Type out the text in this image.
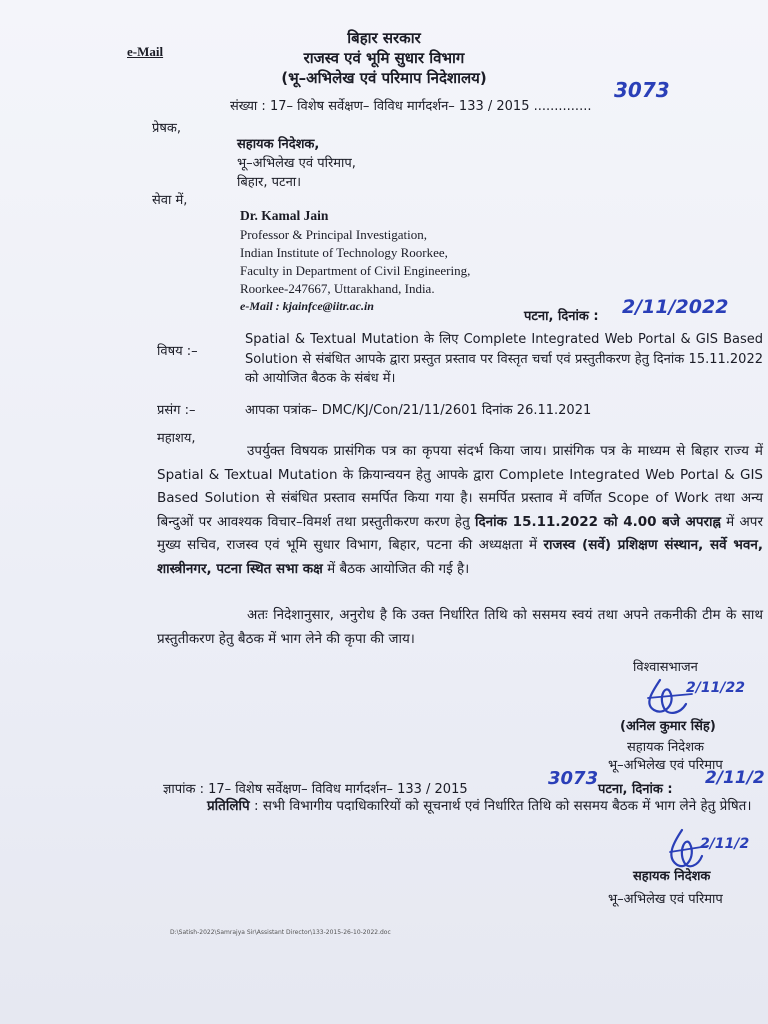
e-Mail
बिहार सरकार
राजस्व एवं भूमि सुधार विभाग
(भू–अभिलेख एवं परिमाप निदेशालय)
संख्या : 17– विशेष सर्वेक्षण– विविध मार्गदर्शन– 133 / 2015 ..............
3073
प्रेषक,
सहायक निदेशक,
भू–अभिलेख एवं परिमाप,
बिहार, पटना।
सेवा में,
Dr. Kamal Jain
Professor & Principal Investigation,
Indian Institute of Technology Roorkee,
Faculty in Department of Civil Engineering,
Roorkee-247667, Uttarakhand, India.
e-Mail : kjainfce@iitr.ac.in
पटना, दिनांक : 2/11/2022
विषय :–
Spatial & Textual Mutation के लिए Complete Integrated Web Portal & GIS Based Solution से संबंधित आपके द्वारा प्रस्तुत प्रस्ताव पर विस्तृत चर्चा एवं प्रस्तुतीकरण हेतु दिनांक 15.11.2022 को आयोजित बैठक के संबंध में।
प्रसंग :–	आपका पत्रांक– DMC/KJ/Con/21/11/2601 दिनांक 26.11.2021
महाशय,

उपर्युक्त विषयक प्रासंगिक पत्र का कृपया संदर्भ किया जाय। प्रासंगिक पत्र के माध्यम से बिहार राज्य में Spatial & Textual Mutation के क्रियान्वयन हेतु आपके द्वारा Complete Integrated Web Portal & GIS Based Solution से संबंधित प्रस्ताव समर्पित किया गया है। समर्पित प्रस्ताव में वर्णित Scope of Work तथा अन्य बिन्दुओं पर आवश्यक विचार–विमर्श तथा प्रस्तुतीकरण करण हेतु दिनांक 15.11.2022 को 4.00 बजे अपराह्न में अपर मुख्य सचिव, राजस्व एवं भूमि सुधार विभाग, बिहार, पटना की अध्यक्षता में राजस्व (सर्वे) प्रशिक्षण संस्थान, सर्वे भवन, शास्त्रीनगर, पटना स्थित सभा कक्ष में बैठक आयोजित की गई है।

अतः निदेशानुसार, अनुरोध है कि उक्त निर्धारित तिथि को ससमय स्वयं तथा अपने तकनीकी टीम के साथ प्रस्तुतीकरण हेतु बैठक में भाग लेने की कृपा की जाय।

विश्वासभाजन
2/11/22
(अनिल कुमार सिंह)
सहायक निदेशक
भू–अभिलेख एवं परिमाप
ज्ञापांक : 17– विशेष सर्वेक्षण– विविध मार्गदर्शन– 133 / 2015
3073
पटना, दिनांक :
2/11/2

प्रतिलिपि : सभी विभागीय पदाधिकारियों को सूचनार्थ एवं निर्धारित तिथि को ससमय बैठक में भाग लेने हेतु प्रेषित।

2/11/2
सहायक निदेशक
भू–अभिलेख एवं परिमाप
D:\Satish-2022\Samrajya Sir\Assistant Director\133-2015-26-10-2022.doc
